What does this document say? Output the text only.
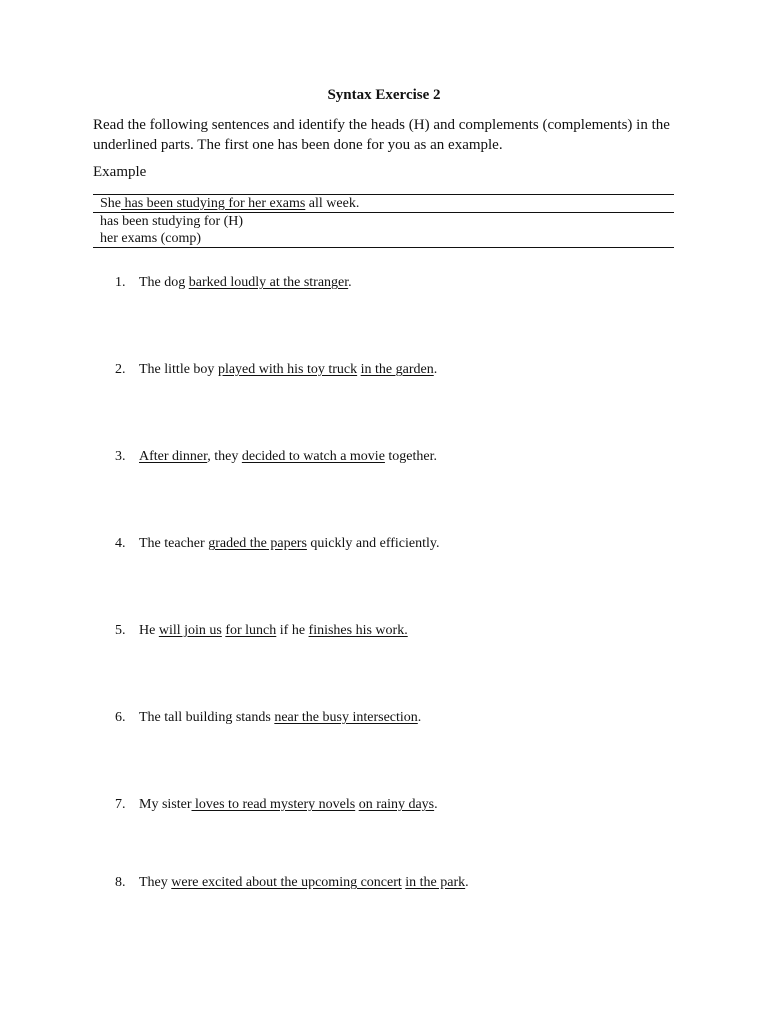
Syntax Exercise 2
Read the following sentences and identify the heads (H) and complements (complements) in the underlined parts. The first one has been done for you as an example.
Example
She has been studying for her exams all week.
has been studying for (H)
her exams (comp)
1. The dog barked loudly at the stranger.
2. The little boy played with his toy truck in the garden.
3. After dinner, they decided to watch a movie together.
4. The teacher graded the papers quickly and efficiently.
5. He will join us for lunch if he finishes his work.
6. The tall building stands near the busy intersection.
7. My sister loves to read mystery novels on rainy days.
8. They were excited about the upcoming concert in the park.
